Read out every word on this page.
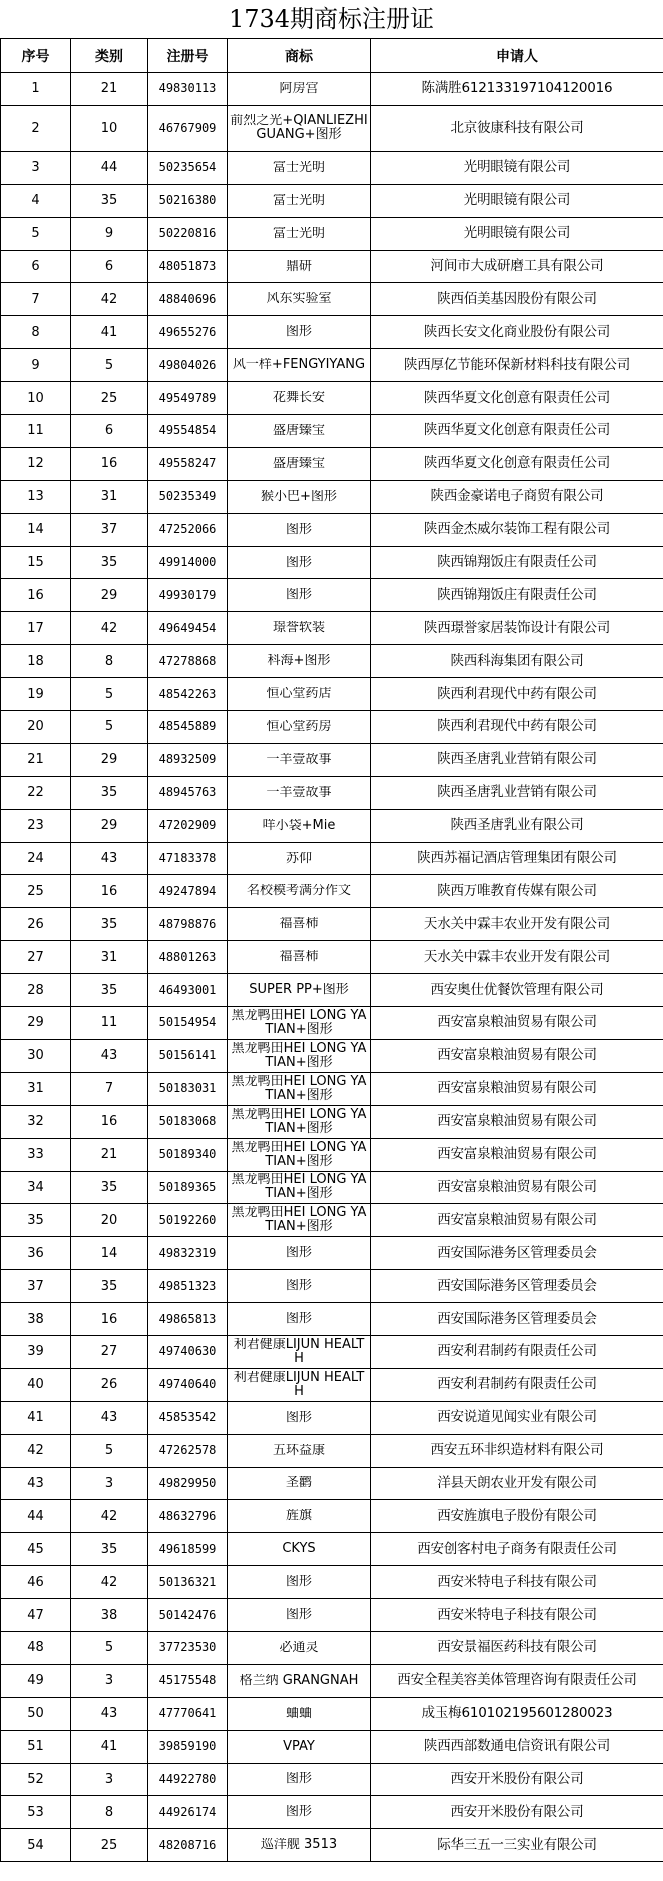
1734期商标注册证
序号	类别	注册号	商标	申请人
1	21	49830113	阿房宫	陈满胜612133197104120016
2	10	46767909	前烈之光+QIANLIEZHIGUANG+图形	北京彼康科技有限公司
3	44	50235654	富士光明	光明眼镜有限公司
4	35	50216380	富士光明	光明眼镜有限公司
5	9	50220816	富士光明	光明眼镜有限公司
6	6	48051873	鼎研	河间市大成研磨工具有限公司
7	42	48840696	风东实验室	陕西佰美基因股份有限公司
8	41	49655276	图形	陕西长安文化商业股份有限公司
9	5	49804026	风一样+FENGYIYANG	陕西厚亿节能环保新材料科技有限公司
10	25	49549789	花舞长安	陕西华夏文化创意有限责任公司
11	6	49554854	盛唐臻宝	陕西华夏文化创意有限责任公司
12	16	49558247	盛唐臻宝	陕西华夏文化创意有限责任公司
13	31	50235349	猴小巴+图形	陕西金豪诺电子商贸有限公司
14	37	47252066	图形	陕西金杰威尔装饰工程有限公司
15	35	49914000	图形	陕西锦翔饭庄有限责任公司
16	29	49930179	图形	陕西锦翔饭庄有限责任公司
17	42	49649454	璟誉软装	陕西璟誉家居装饰设计有限公司
18	8	47278868	科海+图形	陕西科海集团有限公司
19	5	48542263	恒心堂药店	陕西利君现代中药有限公司
20	5	48545889	恒心堂药房	陕西利君现代中药有限公司
21	29	48932509	一羊壹故事	陕西圣唐乳业营销有限公司
22	35	48945763	一羊壹故事	陕西圣唐乳业营销有限公司
23	29	47202909	咩小袋+Mie	陕西圣唐乳业有限公司
24	43	47183378	苏仰	陕西苏福记酒店管理集团有限公司
25	16	49247894	名校模考满分作文	陕西万唯教育传媒有限公司
26	35	48798876	福喜柿	天水关中霖丰农业开发有限公司
27	31	48801263	福喜柿	天水关中霖丰农业开发有限公司
28	35	46493001	SUPER PP+图形	西安奥仕优餐饮管理有限公司
29	11	50154954	黑龙鸭田HEI LONG YA TIAN+图形	西安富泉粮油贸易有限公司
30	43	50156141	黑龙鸭田HEI LONG YA TIAN+图形	西安富泉粮油贸易有限公司
31	7	50183031	黑龙鸭田HEI LONG YA TIAN+图形	西安富泉粮油贸易有限公司
32	16	50183068	黑龙鸭田HEI LONG YA TIAN+图形	西安富泉粮油贸易有限公司
33	21	50189340	黑龙鸭田HEI LONG YA TIAN+图形	西安富泉粮油贸易有限公司
34	35	50189365	黑龙鸭田HEI LONG YA TIAN+图形	西安富泉粮油贸易有限公司
35	20	50192260	黑龙鸭田HEI LONG YA TIAN+图形	西安富泉粮油贸易有限公司
36	14	49832319	图形	西安国际港务区管理委员会
37	35	49851323	图形	西安国际港务区管理委员会
38	16	49865813	图形	西安国际港务区管理委员会
39	27	49740630	利君健康LIJUN HEALTH	西安利君制药有限责任公司
40	26	49740640	利君健康LIJUN HEALTH	西安利君制药有限责任公司
41	43	45853542	图形	西安说道见闻实业有限公司
42	5	47262578	五环益康	西安五环非织造材料有限公司
43	3	49829950	圣鹳	洋县天朗农业开发有限公司
44	42	48632796	旌旗	西安旌旗电子股份有限公司
45	35	49618599	CKYS	西安创客村电子商务有限责任公司
46	42	50136321	图形	西安米特电子科技有限公司
47	38	50142476	图形	西安米特电子科技有限公司
48	5	37723530	必通灵	西安景福医药科技有限公司
49	3	45175548	格兰纳 GRANGNAH	西安全程美容美体管理咨询有限责任公司
50	43	47770641	蛐蛐	成玉梅610102195601280023
51	41	39859190	VPAY	陕西西部数通电信资讯有限公司
52	3	44922780	图形	西安开米股份有限公司
53	8	44926174	图形	西安开米股份有限公司
54	25	48208716	巡洋舰 3513	际华三五一三实业有限公司
